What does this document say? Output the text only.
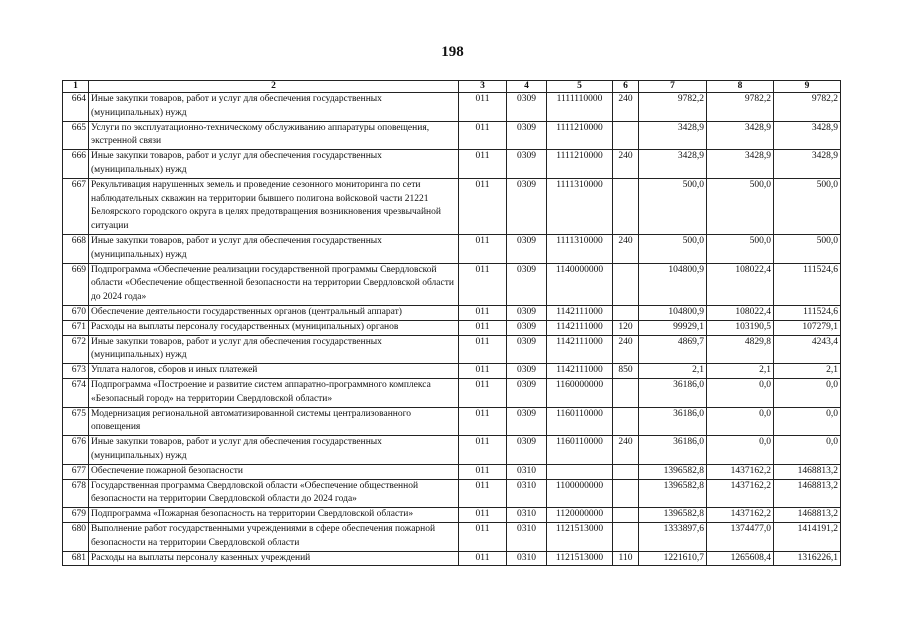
198
1	2	3	4	5	6	7	8	9
664	Иные закупки товаров, работ и услуг для обеспечения государственных (муниципальных) нужд	011	0309	1111110000	240	9782,2	9782,2	9782,2
665	Услуги по эксплуатационно-техническому обслуживанию аппаратуры оповещения, экстренной связи	011	0309	1111210000		3428,9	3428,9	3428,9
666	Иные закупки товаров, работ и услуг для обеспечения государственных (муниципальных) нужд	011	0309	1111210000	240	3428,9	3428,9	3428,9
667	Рекультивация нарушенных земель и проведение сезонного мониторинга по сети наблюдательных скважин на территории бывшего полигона войсковой части 21221 Белоярского городского округа в целях предотвращения возникновения чрезвычайной ситуации	011	0309	1111310000		500,0	500,0	500,0
668	Иные закупки товаров, работ и услуг для обеспечения государственных (муниципальных) нужд	011	0309	1111310000	240	500,0	500,0	500,0
669	Подпрограмма «Обеспечение реализации государственной программы Свердловской области «Обеспечение общественной безопасности на территории Свердловской области до 2024 года»	011	0309	1140000000		104800,9	108022,4	111524,6
670	Обеспечение деятельности государственных органов (центральный аппарат)	011	0309	1142111000		104800,9	108022,4	111524,6
671	Расходы на выплаты персоналу государственных (муниципальных) органов	011	0309	1142111000	120	99929,1	103190,5	107279,1
672	Иные закупки товаров, работ и услуг для обеспечения государственных (муниципальных) нужд	011	0309	1142111000	240	4869,7	4829,8	4243,4
673	Уплата налогов, сборов и иных платежей	011	0309	1142111000	850	2,1	2,1	2,1
674	Подпрограмма «Построение и развитие систем аппаратно-программного комплекса «Безопасный город» на территории Свердловской области»	011	0309	1160000000		36186,0	0,0	0,0
675	Модернизация региональной автоматизированной системы централизованного оповещения	011	0309	1160110000		36186,0	0,0	0,0
676	Иные закупки товаров, работ и услуг для обеспечения государственных (муниципальных) нужд	011	0309	1160110000	240	36186,0	0,0	0,0
677	Обеспечение пожарной безопасности	011	0310			1396582,8	1437162,2	1468813,2
678	Государственная программа Свердловской области «Обеспечение общественной безопасности на территории Свердловской области до 2024 года»	011	0310	1100000000		1396582,8	1437162,2	1468813,2
679	Подпрограмма «Пожарная безопасность на территории Свердловской области»	011	0310	1120000000		1396582,8	1437162,2	1468813,2
680	Выполнение работ государственными учреждениями в сфере обеспечения пожарной безопасности на территории Свердловской области	011	0310	1121513000		1333897,6	1374477,0	1414191,2
681	Расходы на выплаты персоналу казенных учреждений	011	0310	1121513000	110	1221610,7	1265608,4	1316226,1
